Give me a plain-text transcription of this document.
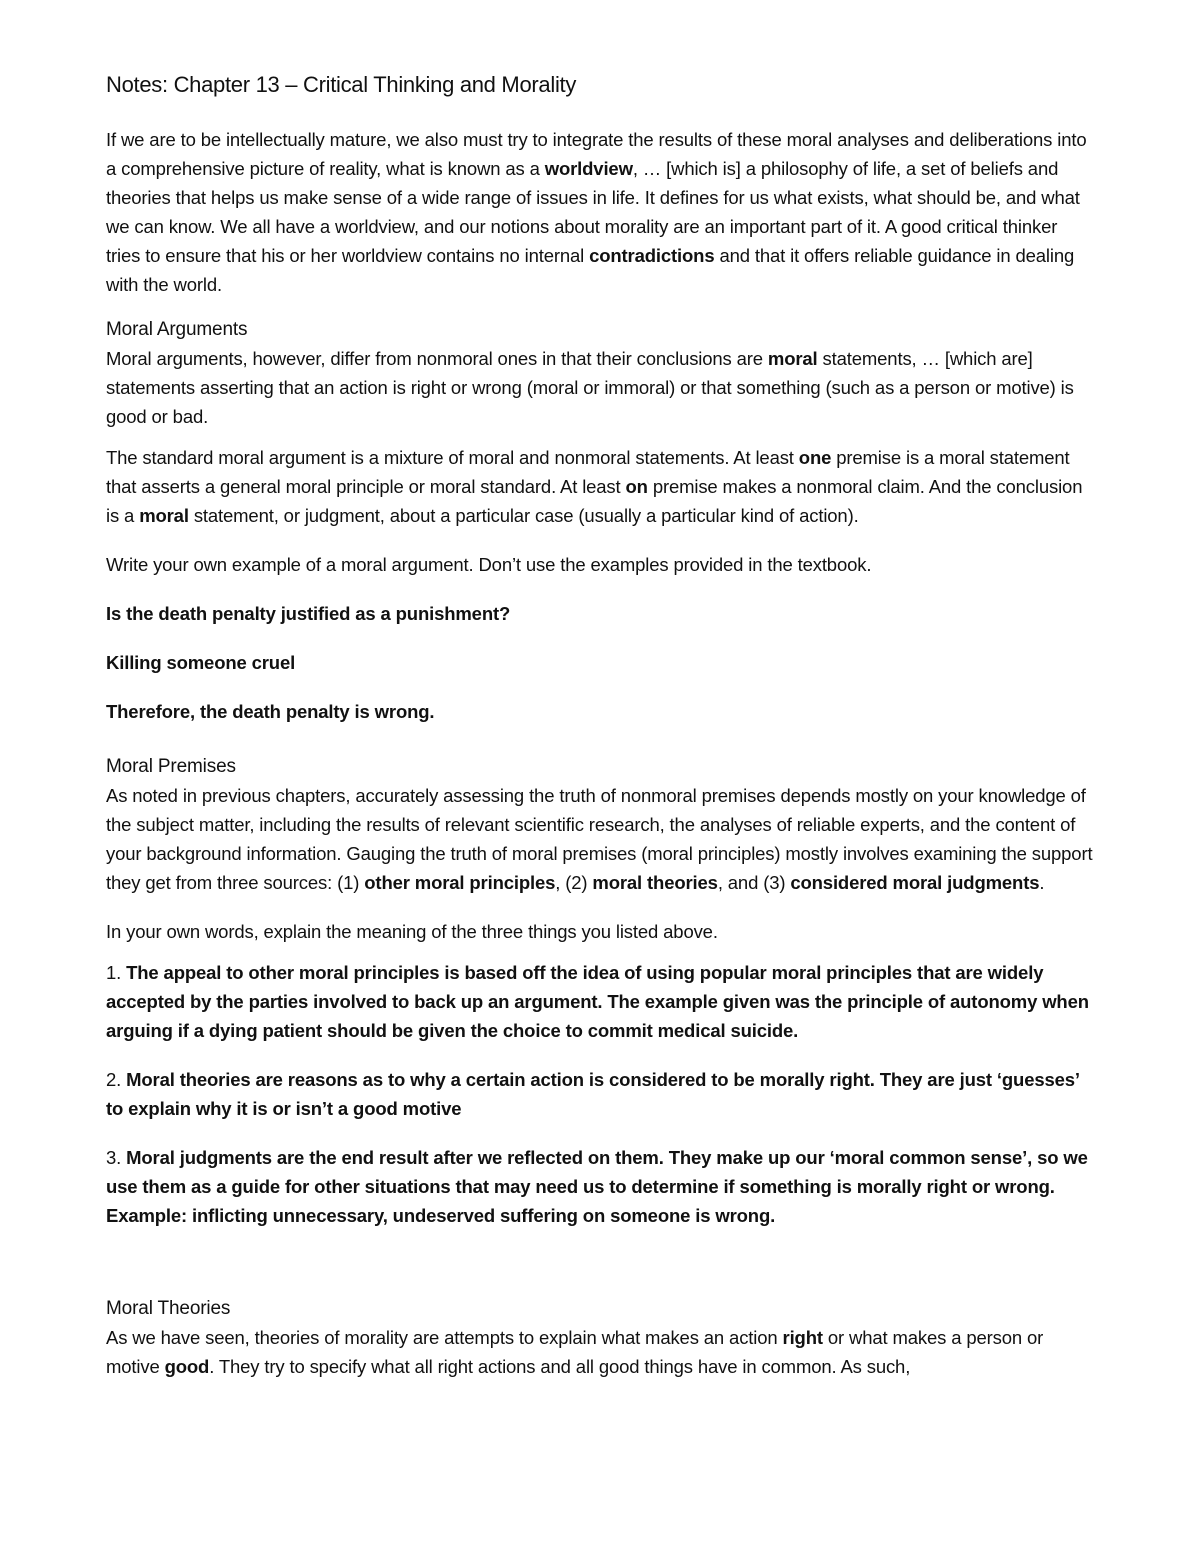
Notes: Chapter 13 – Critical Thinking and Morality

If we are to be intellectually mature, we also must try to integrate the results of these moral analyses and deliberations into a comprehensive picture of reality, what is known as a worldview, … [which is] a philosophy of life, a set of beliefs and theories that helps us make sense of a wide range of issues in life. It defines for us what exists, what should be, and what we can know. We all have a worldview, and our notions about morality are an important part of it. A good critical thinker tries to ensure that his or her worldview contains no internal contradictions and that it offers reliable guidance in dealing with the world.

Moral Arguments

Moral arguments, however, differ from nonmoral ones in that their conclusions are moral statements, … [which are] statements asserting that an action is right or wrong (moral or immoral) or that something (such as a person or motive) is good or bad.

The standard moral argument is a mixture of moral and nonmoral statements. At least one premise is a moral statement that asserts a general moral principle or moral standard. At least on premise makes a nonmoral claim. And the conclusion is a moral statement, or judgment, about a particular case (usually a particular kind of action).

Write your own example of a moral argument. Don’t use the examples provided in the textbook.

Is the death penalty justified as a punishment?

Killing someone cruel

Therefore, the death penalty is wrong.

Moral Premises

As noted in previous chapters, accurately assessing the truth of nonmoral premises depends mostly on your knowledge of the subject matter, including the results of relevant scientific research, the analyses of reliable experts, and the content of your background information. Gauging the truth of moral premises (moral principles) mostly involves examining the support they get from three sources: (1) other moral principles, (2) moral theories, and (3) considered moral judgments.

In your own words, explain the meaning of the three things you listed above.

1. The appeal to other moral principles is based off the idea of using popular moral principles that are widely accepted by the parties involved to back up an argument. The example given was the principle of autonomy when arguing if a dying patient should be given the choice to commit medical suicide.

2. Moral theories are reasons as to why a certain action is considered to be morally right. They are just ‘guesses’ to explain why it is or isn’t a good motive

3. Moral judgments are the end result after we reflected on them. They make up our ‘moral common sense’, so we use them as a guide for other situations that may need us to determine if something is morally right or wrong. Example: inflicting unnecessary, undeserved suffering on someone is wrong.

Moral Theories

As we have seen, theories of morality are attempts to explain what makes an action right or what makes a person or motive good. They try to specify what all right actions and all good things have in common. As such,
